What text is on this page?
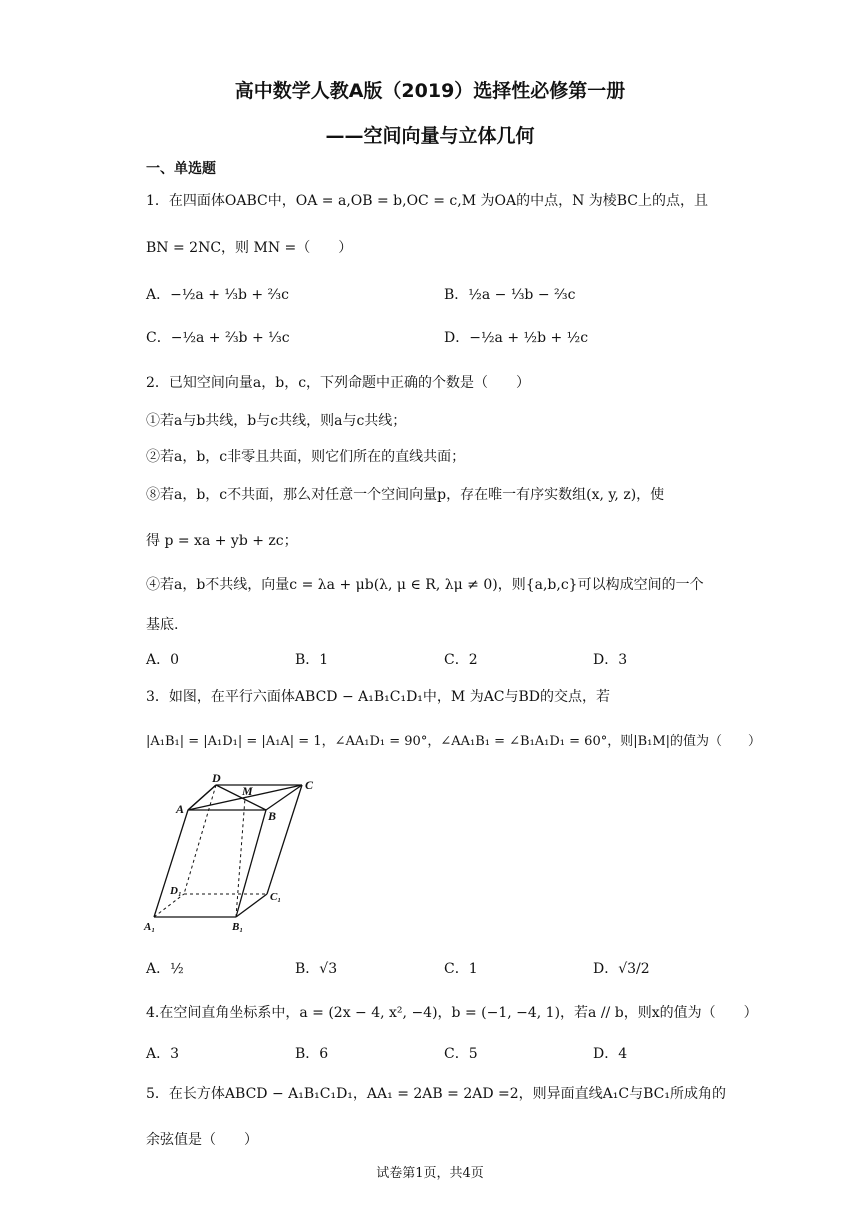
高中数学人教A版（2019）选择性必修第一册
——空间向量与立体几何
一、单选题
1．在四面体OABC中，OA = a,OB = b,OC = c,M 为OA的中点，N 为棱BC上的点，且
BN = 2NC，则 MN =（　　）
A．−½a + ⅓b + ⅔c	B．½a − ⅓b − ⅔c
C．−½a + ⅔b + ⅓c	D．−½a + ½b + ½c
2．已知空间向量a，b，c，下列命题中正确的个数是（　　）
①若a与b共线，b与c共线，则a与c共线；
②若a，b，c非零且共面，则它们所在的直线共面；
⑧若a，b，c不共面，那么对任意一个空间向量p，存在唯一有序实数组(x, y, z)，使
得 p = xa + yb + zc；
④若a，b不共线，向量c = λa + μb(λ, μ ∈ R, λμ ≠ 0)，则{a,b,c}可以构成空间的一个
基底.
A．0	B．1	C．2	D．3
3．如图，在平行六面体ABCD − A₁B₁C₁D₁中，M 为AC与BD的交点，若
|A₁B₁| = |A₁D₁| = |A₁A| = 1，∠AA₁D₁ = 90°，∠AA₁B₁ = ∠B₁A₁D₁ = 60°，则|B₁M|的值为（　　）
D
M	C
A	B
D₁	C₁
A₁	B₁
A．½	B．√3	C．1	D．√3/2
4.在空间直角坐标系中，a = (2x − 4, x², −4)，b = (−1, −4, 1)，若a // b，则x的值为（　　）
A．3	B．6	C．5	D．4
5．在长方体ABCD − A₁B₁C₁D₁，AA₁ = 2AB = 2AD =2，则异面直线A₁C与BC₁所成角的
余弦值是（　　）
试卷第1页，共4页
